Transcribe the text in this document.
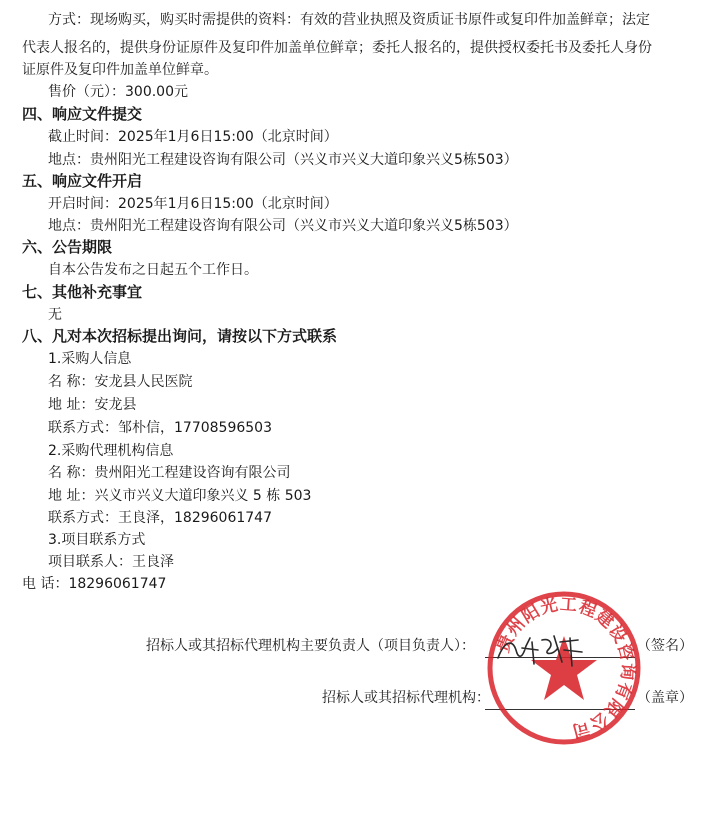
方式：现场购买，购买时需提供的资料：有效的营业执照及资质证书原件或复印件加盖鲜章；法定
代表人报名的，提供身份证原件及复印件加盖单位鲜章；委托人报名的，提供授权委托书及委托人身份
证原件及复印件加盖单位鲜章。
售价（元）：300.00元
四、响应文件提交
截止时间：2025年1月6日15:00（北京时间）
地点：贵州阳光工程建设咨询有限公司（兴义市兴义大道印象兴义5栋503）
五、响应文件开启
开启时间：2025年1月6日15:00（北京时间）
地点：贵州阳光工程建设咨询有限公司（兴义市兴义大道印象兴义5栋503）
六、公告期限
自本公告发布之日起五个工作日。
七、其他补充事宜
无
八、凡对本次招标提出询问，请按以下方式联系
1.采购人信息
名 称：安龙县人民医院
地 址：安龙县
联系方式：邹朴信，17708596503
2.采购代理机构信息
名 称：贵州阳光工程建设咨询有限公司
地 址：兴义市兴义大道印象兴义 5 栋 503
联系方式：王良泽，18296061747
3.项目联系方式
项目联系人：王良泽
电 话：18296061747
招标人或其招标代理机构主要负责人（项目负责人）：	（签名）
招标人或其招标代理机构：	（盖章）
贵州阳光工程建设咨询有限公司
